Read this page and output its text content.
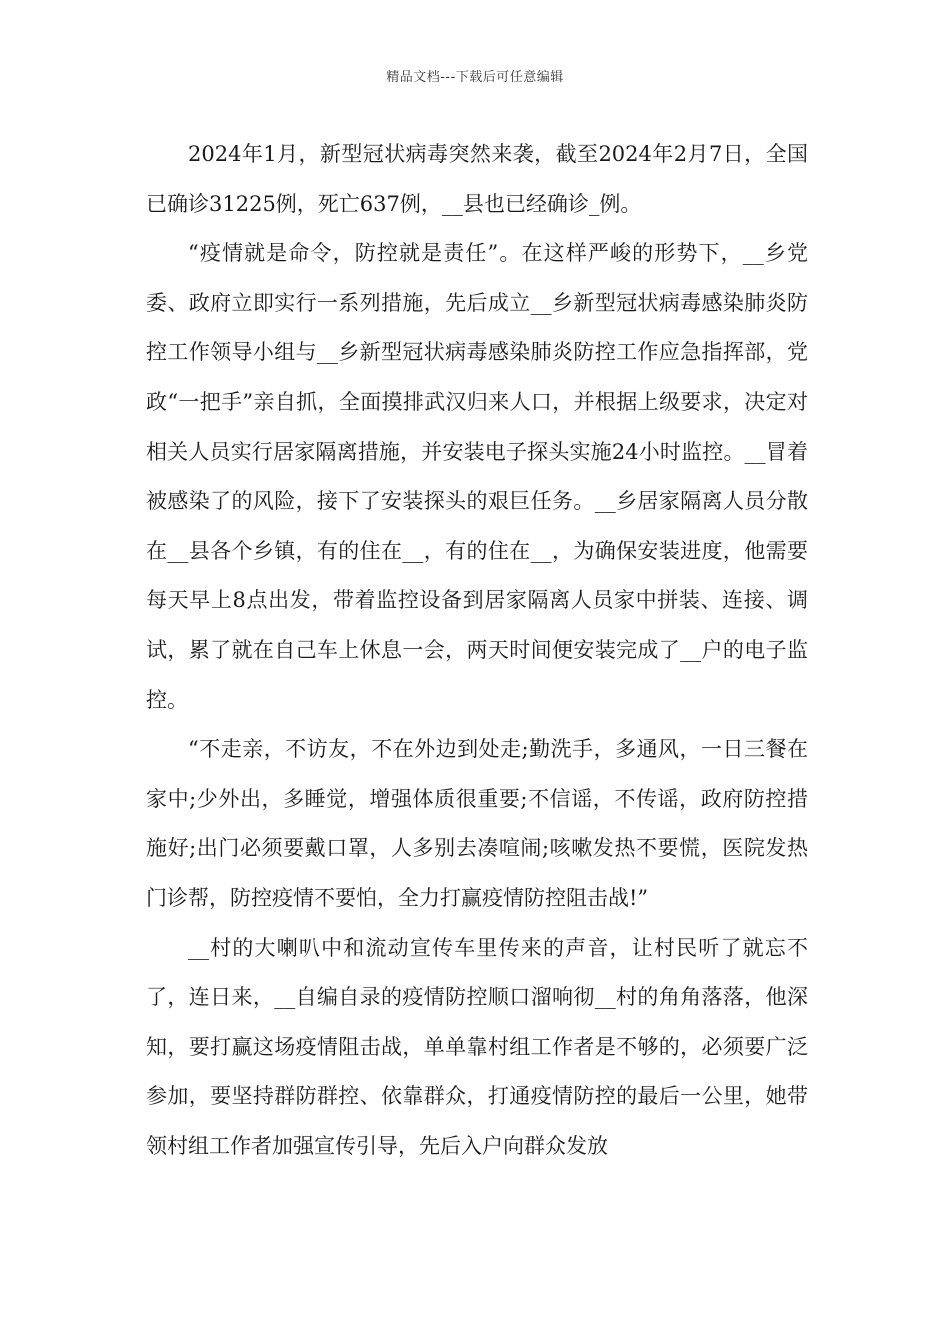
精品文档---下载后可任意编辑

2024年1月，新型冠状病毒突然来袭，截至2024年2月7日，全国已确诊31225例，死亡637例，__县也已经确诊_例。

“疫情就是命令，防控就是责任”。在这样严峻的形势下，__乡党委、政府立即实行一系列措施，先后成立__乡新型冠状病毒感染肺炎防控工作领导小组与__乡新型冠状病毒感染肺炎防控工作应急指挥部，党政“一把手”亲自抓，全面摸排武汉归来人口，并根据上级要求，决定对相关人员实行居家隔离措施，并安装电子探头实施24小时监控。__冒着被感染了的风险，接下了安装探头的艰巨任务。__乡居家隔离人员分散在__县各个乡镇，有的住在__，有的住在__，为确保安装进度，他需要每天早上8点出发，带着监控设备到居家隔离人员家中拼装、连接、调试，累了就在自己车上休息一会，两天时间便安装完成了__户的电子监控。

“不走亲，不访友，不在外边到处走;勤洗手，多通风，一日三餐在家中;少外出，多睡觉，增强体质很重要;不信谣，不传谣，政府防控措施好;出门必须要戴口罩，人多别去凑喧闹;咳嗽发热不要慌，医院发热门诊帮，防控疫情不要怕，全力打赢疫情防控阻击战!”

__村的大喇叭中和流动宣传车里传来的声音，让村民听了就忘不了，连日来，__自编自录的疫情防控顺口溜响彻__村的角角落落，他深知，要打赢这场疫情阻击战，单单靠村组工作者是不够的，必须要广泛参加，要坚持群防群控、依靠群众，打通疫情防控的最后一公里，她带领村组工作者加强宣传引导，先后入户向群众发放
